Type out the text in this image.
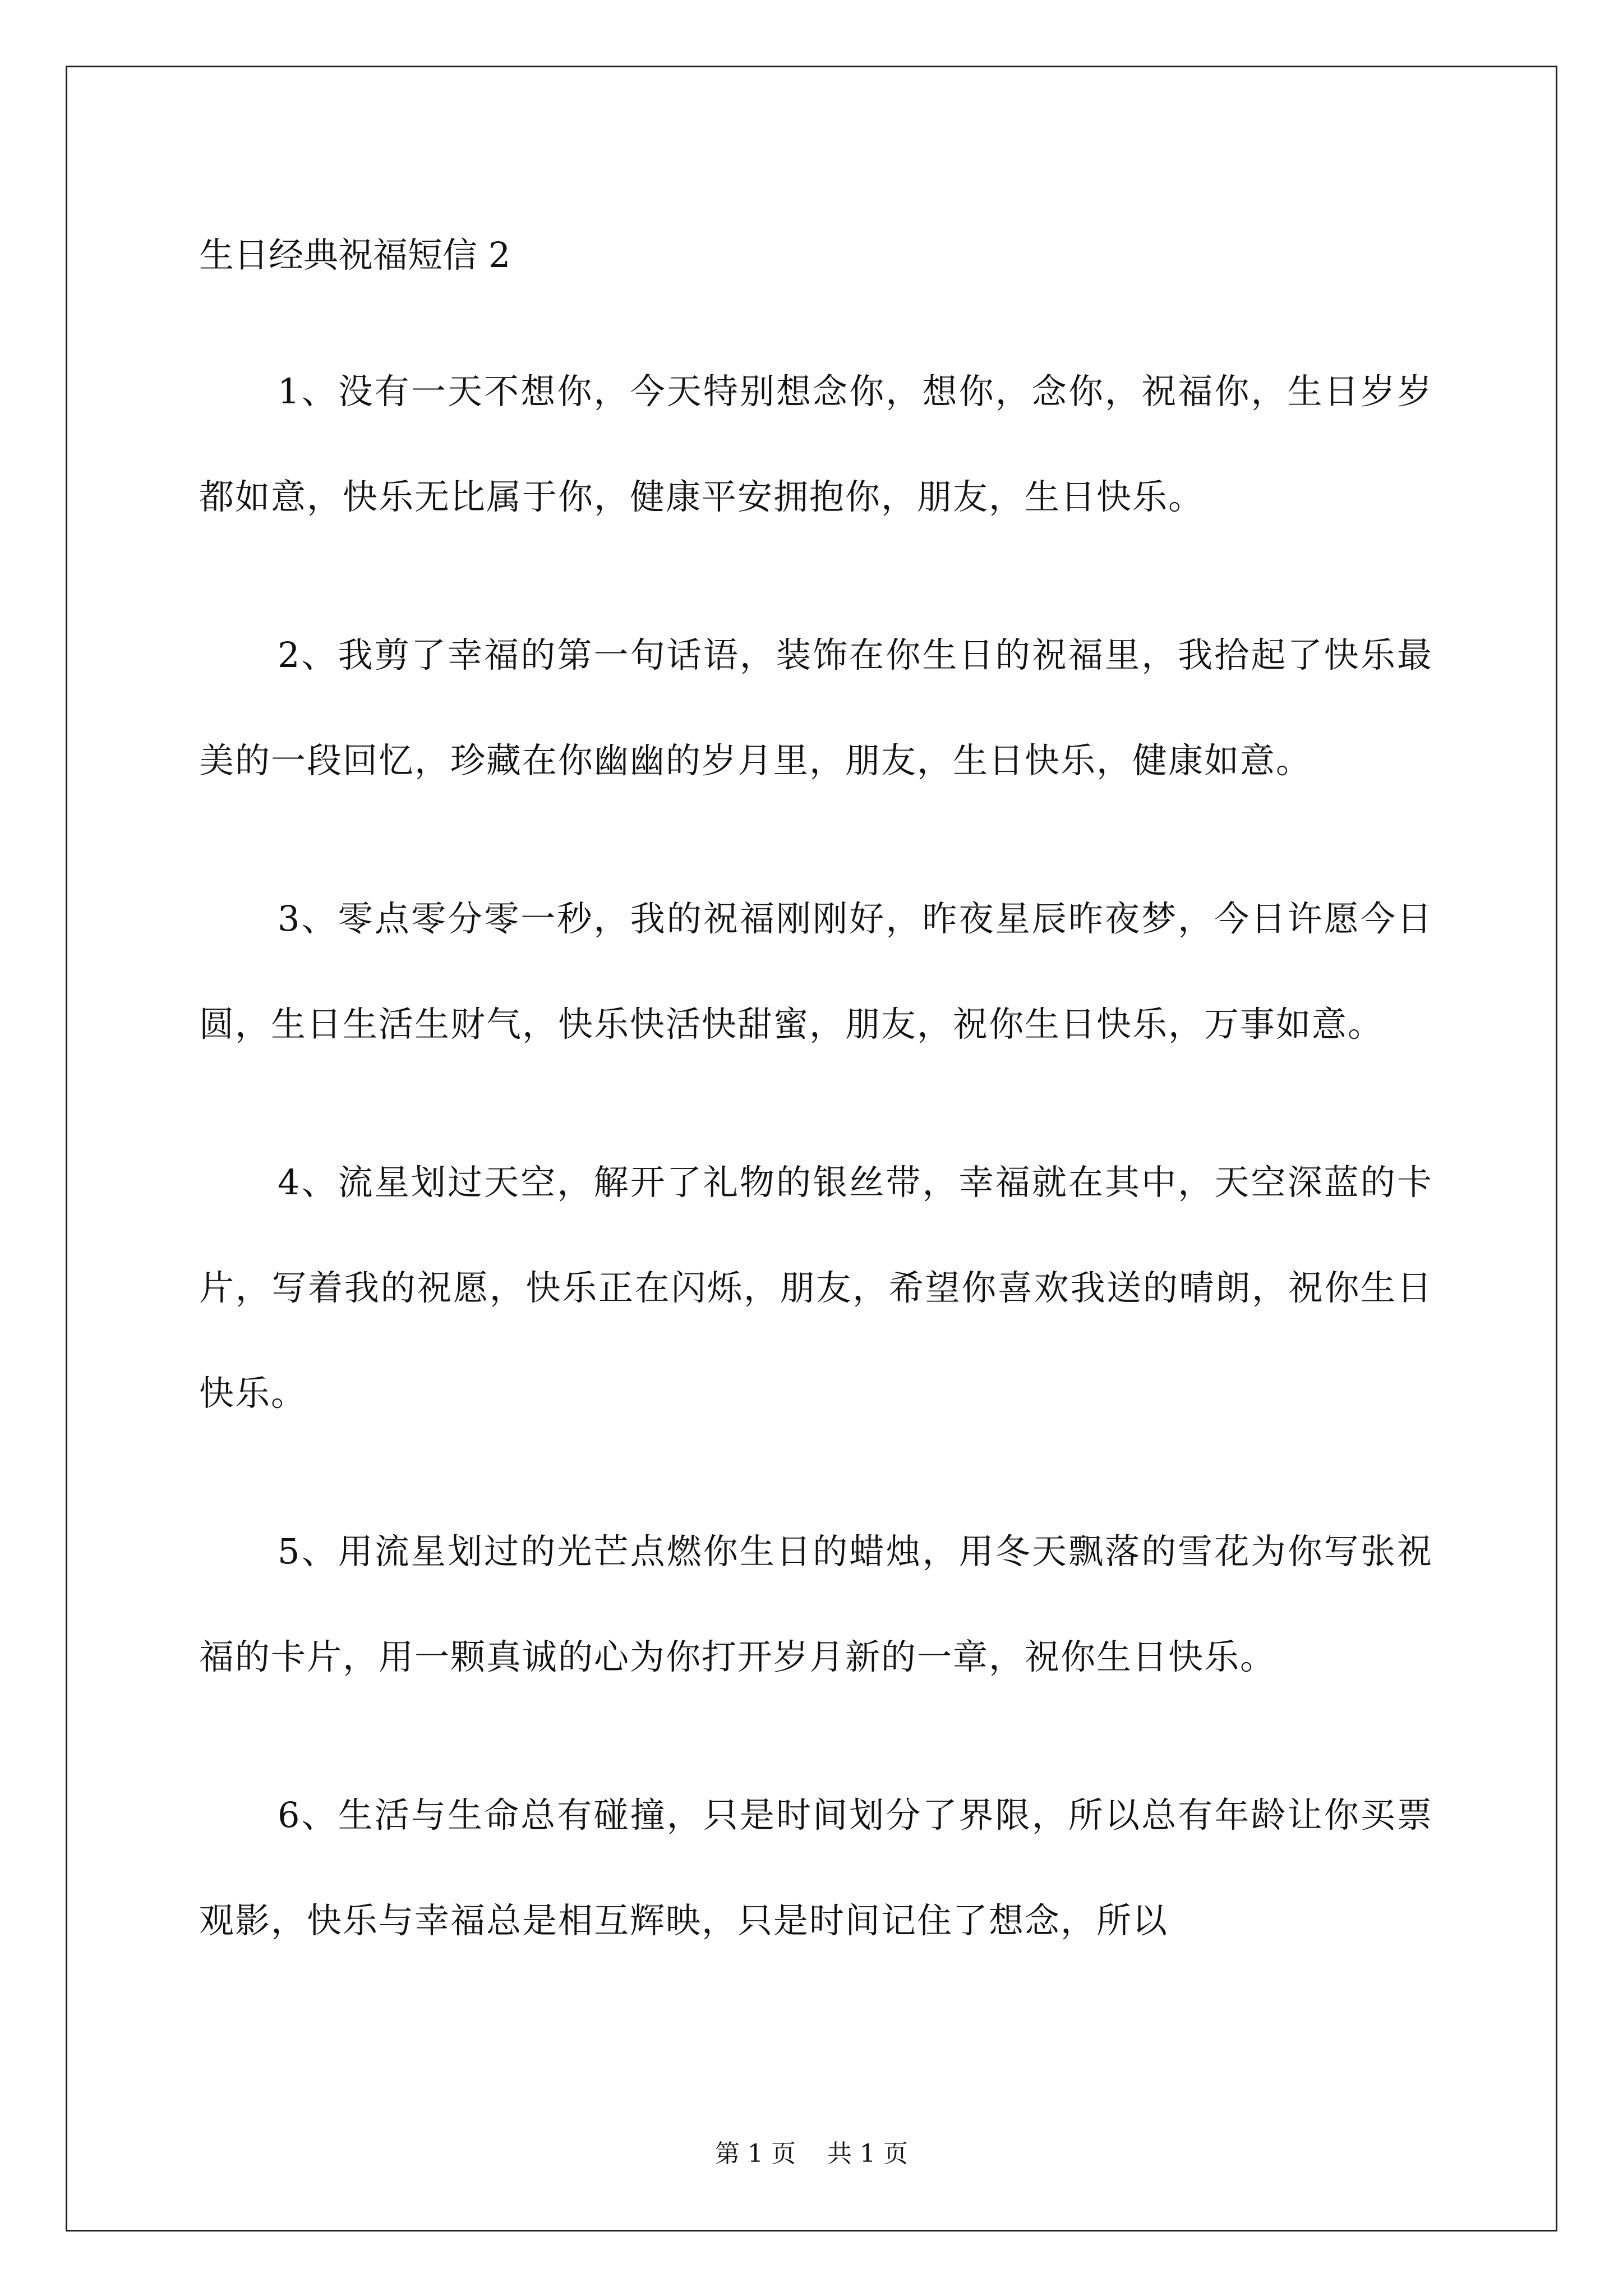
生日经典祝福短信 2

1、没有一天不想你，今天特别想念你，想你，念你，祝福你，生日岁岁都如意，快乐无比属于你，健康平安拥抱你，朋友，生日快乐。

2、我剪了幸福的第一句话语，装饰在你生日的祝福里，我拾起了快乐最美的一段回忆，珍藏在你幽幽的岁月里，朋友，生日快乐，健康如意。

3、零点零分零一秒，我的祝福刚刚好，昨夜星辰昨夜梦，今日许愿今日圆，生日生活生财气，快乐快活快甜蜜，朋友，祝你生日快乐，万事如意。

4、流星划过天空，解开了礼物的银丝带，幸福就在其中，天空深蓝的卡片，写着我的祝愿，快乐正在闪烁，朋友，希望你喜欢我送的晴朗，祝你生日快乐。

5、用流星划过的光芒点燃你生日的蜡烛，用冬天飘落的雪花为你写张祝福的卡片，用一颗真诚的心为你打开岁月新的一章，祝你生日快乐。

6、生活与生命总有碰撞，只是时间划分了界限，所以总有年龄让你买票观影，快乐与幸福总是相互辉映，只是时间记住了想念，所以

第 1 页    共 1 页
